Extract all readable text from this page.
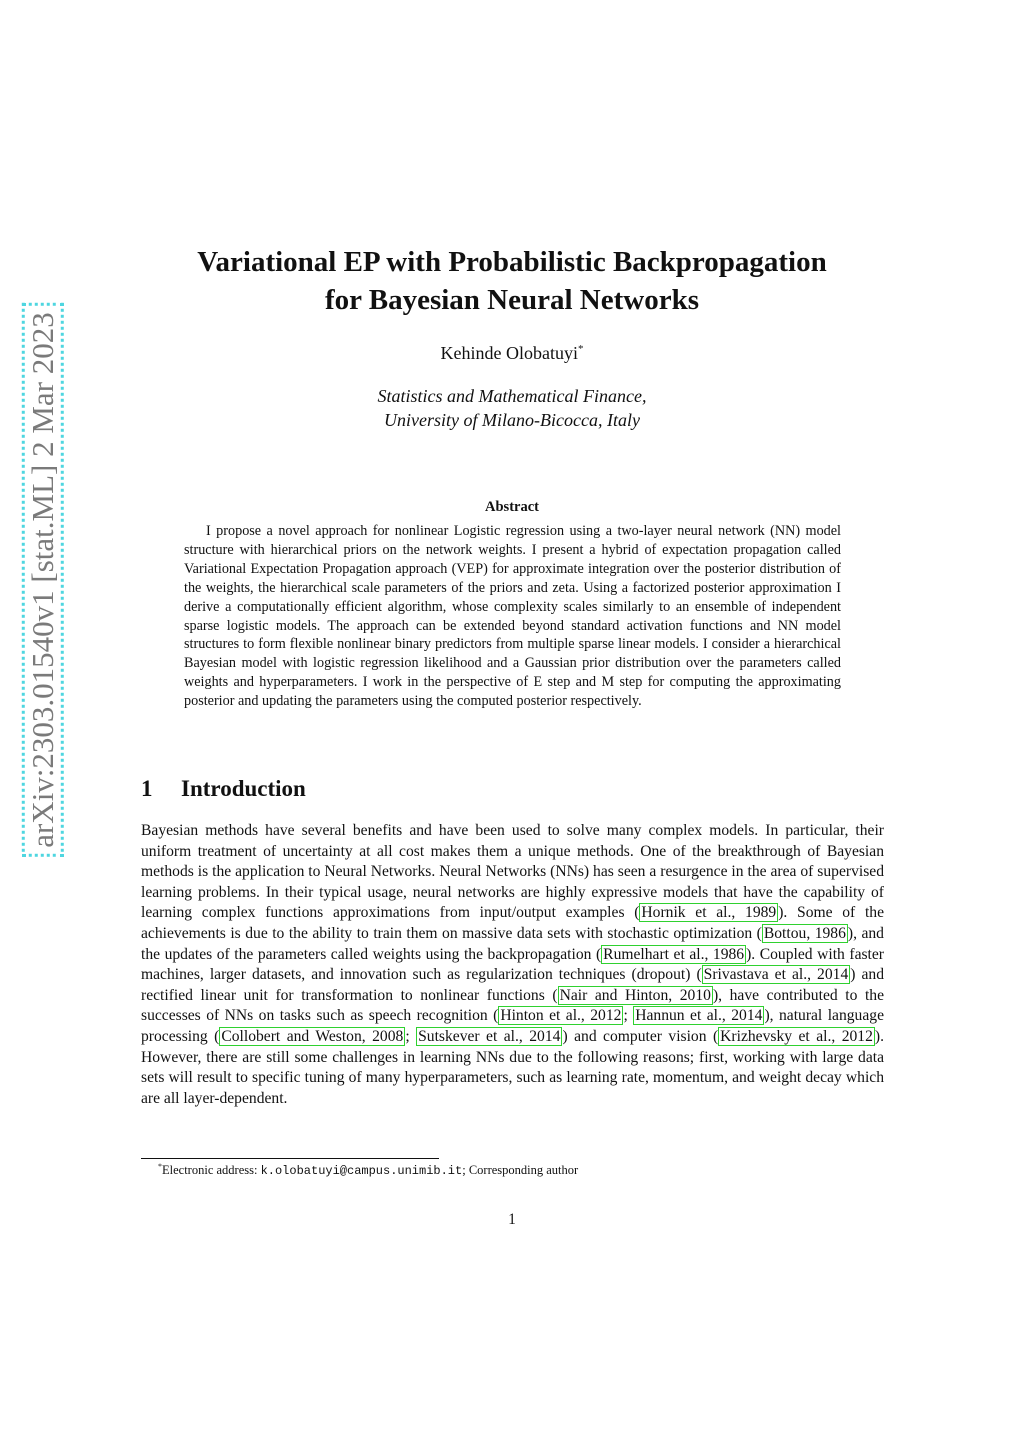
arXiv:2303.01540v1 [stat.ML] 2 Mar 2023
Variational EP with Probabilistic Backpropagation
for Bayesian Neural Networks
Kehinde Olobatuyi*
Statistics and Mathematical Finance,
University of Milano-Bicocca, Italy
Abstract
I propose a novel approach for nonlinear Logistic regression using a two-layer neural network (NN) model structure with hierarchical priors on the network weights. I present a hybrid of expectation propagation called Variational Expectation Propagation approach (VEP) for approximate integration over the posterior distribution of the weights, the hierarchical scale parameters of the priors and zeta. Using a factorized posterior approximation I derive a computationally efficient algorithm, whose complexity scales similarly to an ensemble of independent sparse logistic models. The approach can be extended beyond standard activation functions and NN model structures to form flexible nonlinear binary predictors from multiple sparse linear models. I consider a hierarchical Bayesian model with logistic regression likelihood and a Gaussian prior distribution over the parameters called weights and hyperparameters. I work in the perspective of E step and M step for computing the approximating posterior and updating the parameters using the computed posterior respectively.
1 Introduction
Bayesian methods have several benefits and have been used to solve many complex models. In particular, their uniform treatment of uncertainty at all cost makes them a unique methods. One of the breakthrough of Bayesian methods is the application to Neural Networks. Neural Networks (NNs) has seen a resurgence in the area of supervised learning problems. In their typical usage, neural networks are highly expressive models that have the capability of learning complex functions approximations from input/output examples ( Hornik et al., 1989 ). Some of the achievements is due to the ability to train them on massive data sets with stochastic optimization ( Bottou, 1986 ), and the updates of the parameters called weights using the backpropagation ( Rumelhart et al., 1986 ). Coupled with faster machines, larger datasets, and innovation such as regularization techniques (dropout) ( Srivastava et al., 2014 ) and rectified linear unit for transformation to nonlinear functions ( Nair and Hinton, 2010 ), have contributed to the successes of NNs on tasks such as speech recognition ( Hinton et al., 2012 ; Hannun et al., 2014 ), natural language processing ( Collobert and Weston, 2008 ; Sutskever et al., 2014 ) and computer vision ( Krizhevsky et al., 2012 ). However, there are still some challenges in learning NNs due to the following reasons; first, working with large data sets will result to specific tuning of many hyperparameters, such as learning rate, momentum, and weight decay which are all layer-dependent.
*Electronic address: k.olobatuyi@campus.unimib.it; Corresponding author
1
